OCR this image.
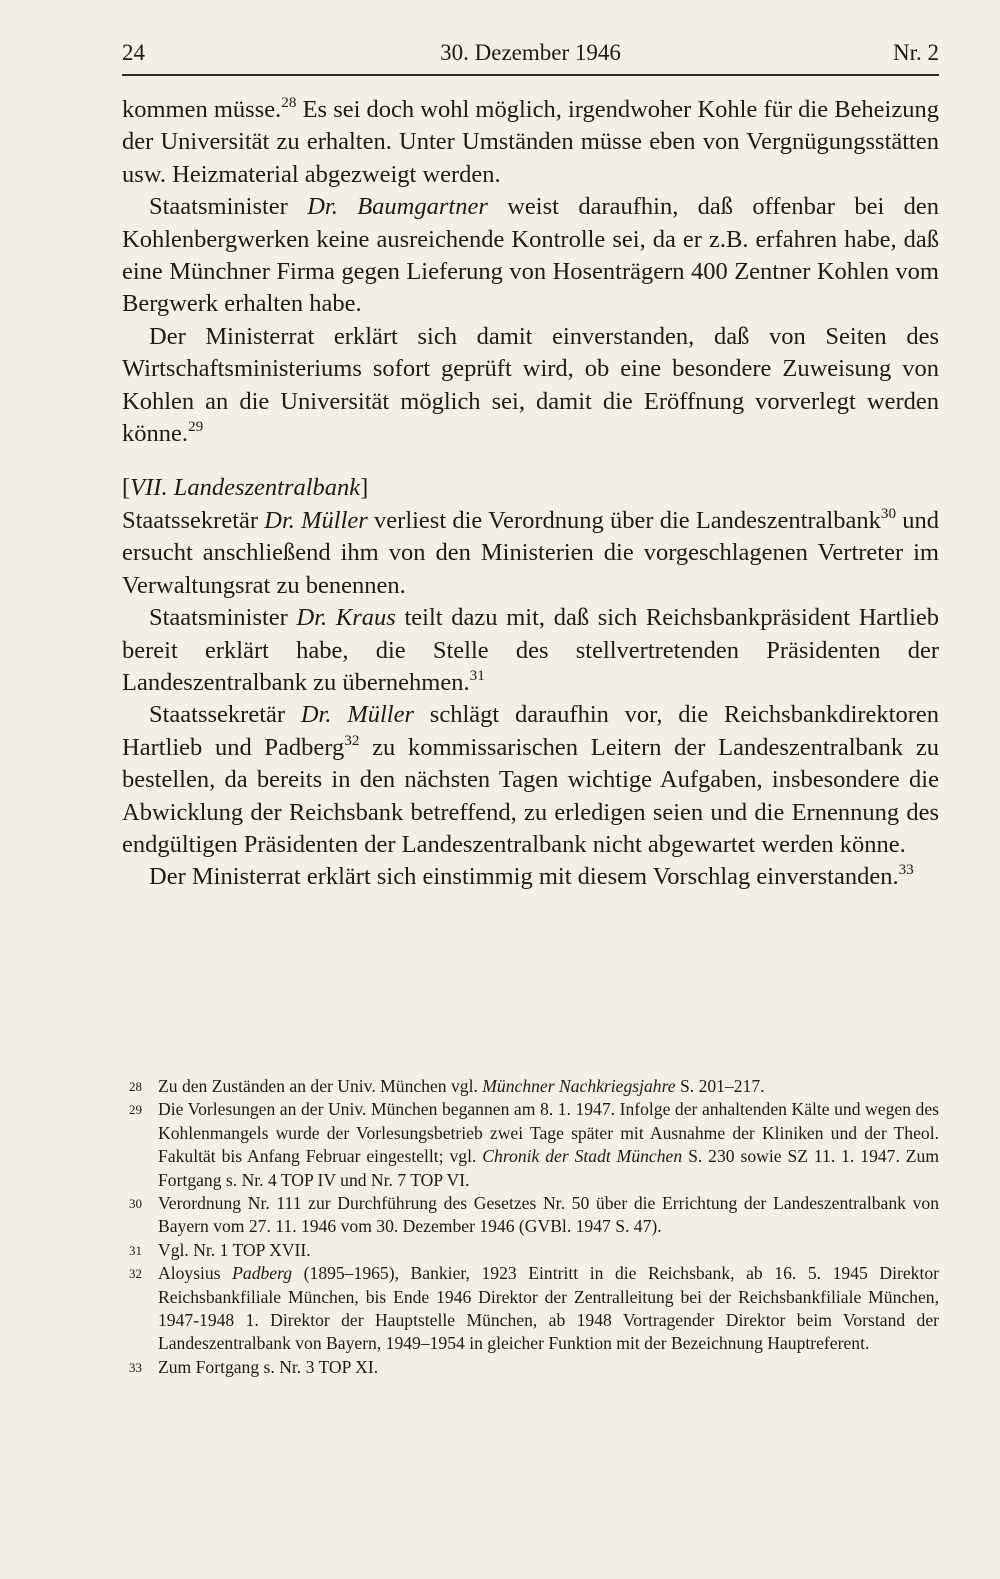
24	30. Dezember 1946	Nr. 2

kommen müsse.$^{28}$ Es sei doch wohl möglich, irgendwoher Kohle für die Beheizung der Universität zu erhalten. Unter Umständen müsse eben von Vergnügungsstätten usw. Heizmaterial abgezweigt werden.

Staatsminister Dr. Baumgartner weist daraufhin, daß offenbar bei den Kohlenbergwerken keine ausreichende Kontrolle sei, da er z.B. erfahren habe, daß eine Münchner Firma gegen Lieferung von Hosenträgern 400 Zentner Kohlen vom Bergwerk erhalten habe.

Der Ministerrat erklärt sich damit einverstanden, daß von Seiten des Wirtschaftsministeriums sofort geprüft wird, ob eine besondere Zuweisung von Kohlen an die Universität möglich sei, damit die Eröffnung vorverlegt werden könne.$^{29}$

[VII. Landeszentralbank]

Staatssekretär Dr. Müller verliest die Verordnung über die Landeszentralbank$^{30}$ und ersucht anschließend ihm von den Ministerien die vorgeschlagenen Vertreter im Verwaltungsrat zu benennen.

Staatsminister Dr. Kraus teilt dazu mit, daß sich Reichsbankpräsident Hartlieb bereit erklärt habe, die Stelle des stellvertretenden Präsidenten der Landeszentralbank zu übernehmen.$^{31}$

Staatssekretär Dr. Müller schlägt daraufhin vor, die Reichsbankdirektoren Hartlieb und Padberg$^{32}$ zu kommissarischen Leitern der Landeszentralbank zu bestellen, da bereits in den nächsten Tagen wichtige Aufgaben, insbesondere die Abwicklung der Reichsbank betreffend, zu erledigen seien und die Ernennung des endgültigen Präsidenten der Landeszentralbank nicht abgewartet werden könne.

Der Ministerrat erklärt sich einstimmig mit diesem Vorschlag einverstanden.$^{33}$

28 Zu den Zuständen an der Univ. München vgl. Münchner Nachkriegsjahre S. 201–217.

29 Die Vorlesungen an der Univ. München begannen am 8. 1. 1947. Infolge der anhaltenden Kälte und wegen des Kohlenmangels wurde der Vorlesungsbetrieb zwei Tage später mit Ausnahme der Kliniken und der Theol. Fakultät bis Anfang Februar eingestellt; vgl. Chronik der Stadt München S. 230 sowie SZ 11. 1. 1947. Zum Fortgang s. Nr. 4 TOP IV und Nr. 7 TOP VI.

30 Verordnung Nr. 111 zur Durchführung des Gesetzes Nr. 50 über die Errichtung der Landeszentralbank von Bayern vom 27. 11. 1946 vom 30. Dezember 1946 (GVBl. 1947 S. 47).

31 Vgl. Nr. 1 TOP XVII.

32 Aloysius Padberg (1895–1965), Bankier, 1923 Eintritt in die Reichsbank, ab 16. 5. 1945 Direktor Reichsbankfiliale München, bis Ende 1946 Direktor der Zentralleitung bei der Reichsbankfiliale München, 1947-1948 1. Direktor der Hauptstelle München, ab 1948 Vortragender Direktor beim Vorstand der Landeszentralbank von Bayern, 1949–1954 in gleicher Funktion mit der Bezeichnung Hauptreferent.

33 Zum Fortgang s. Nr. 3 TOP XI.
